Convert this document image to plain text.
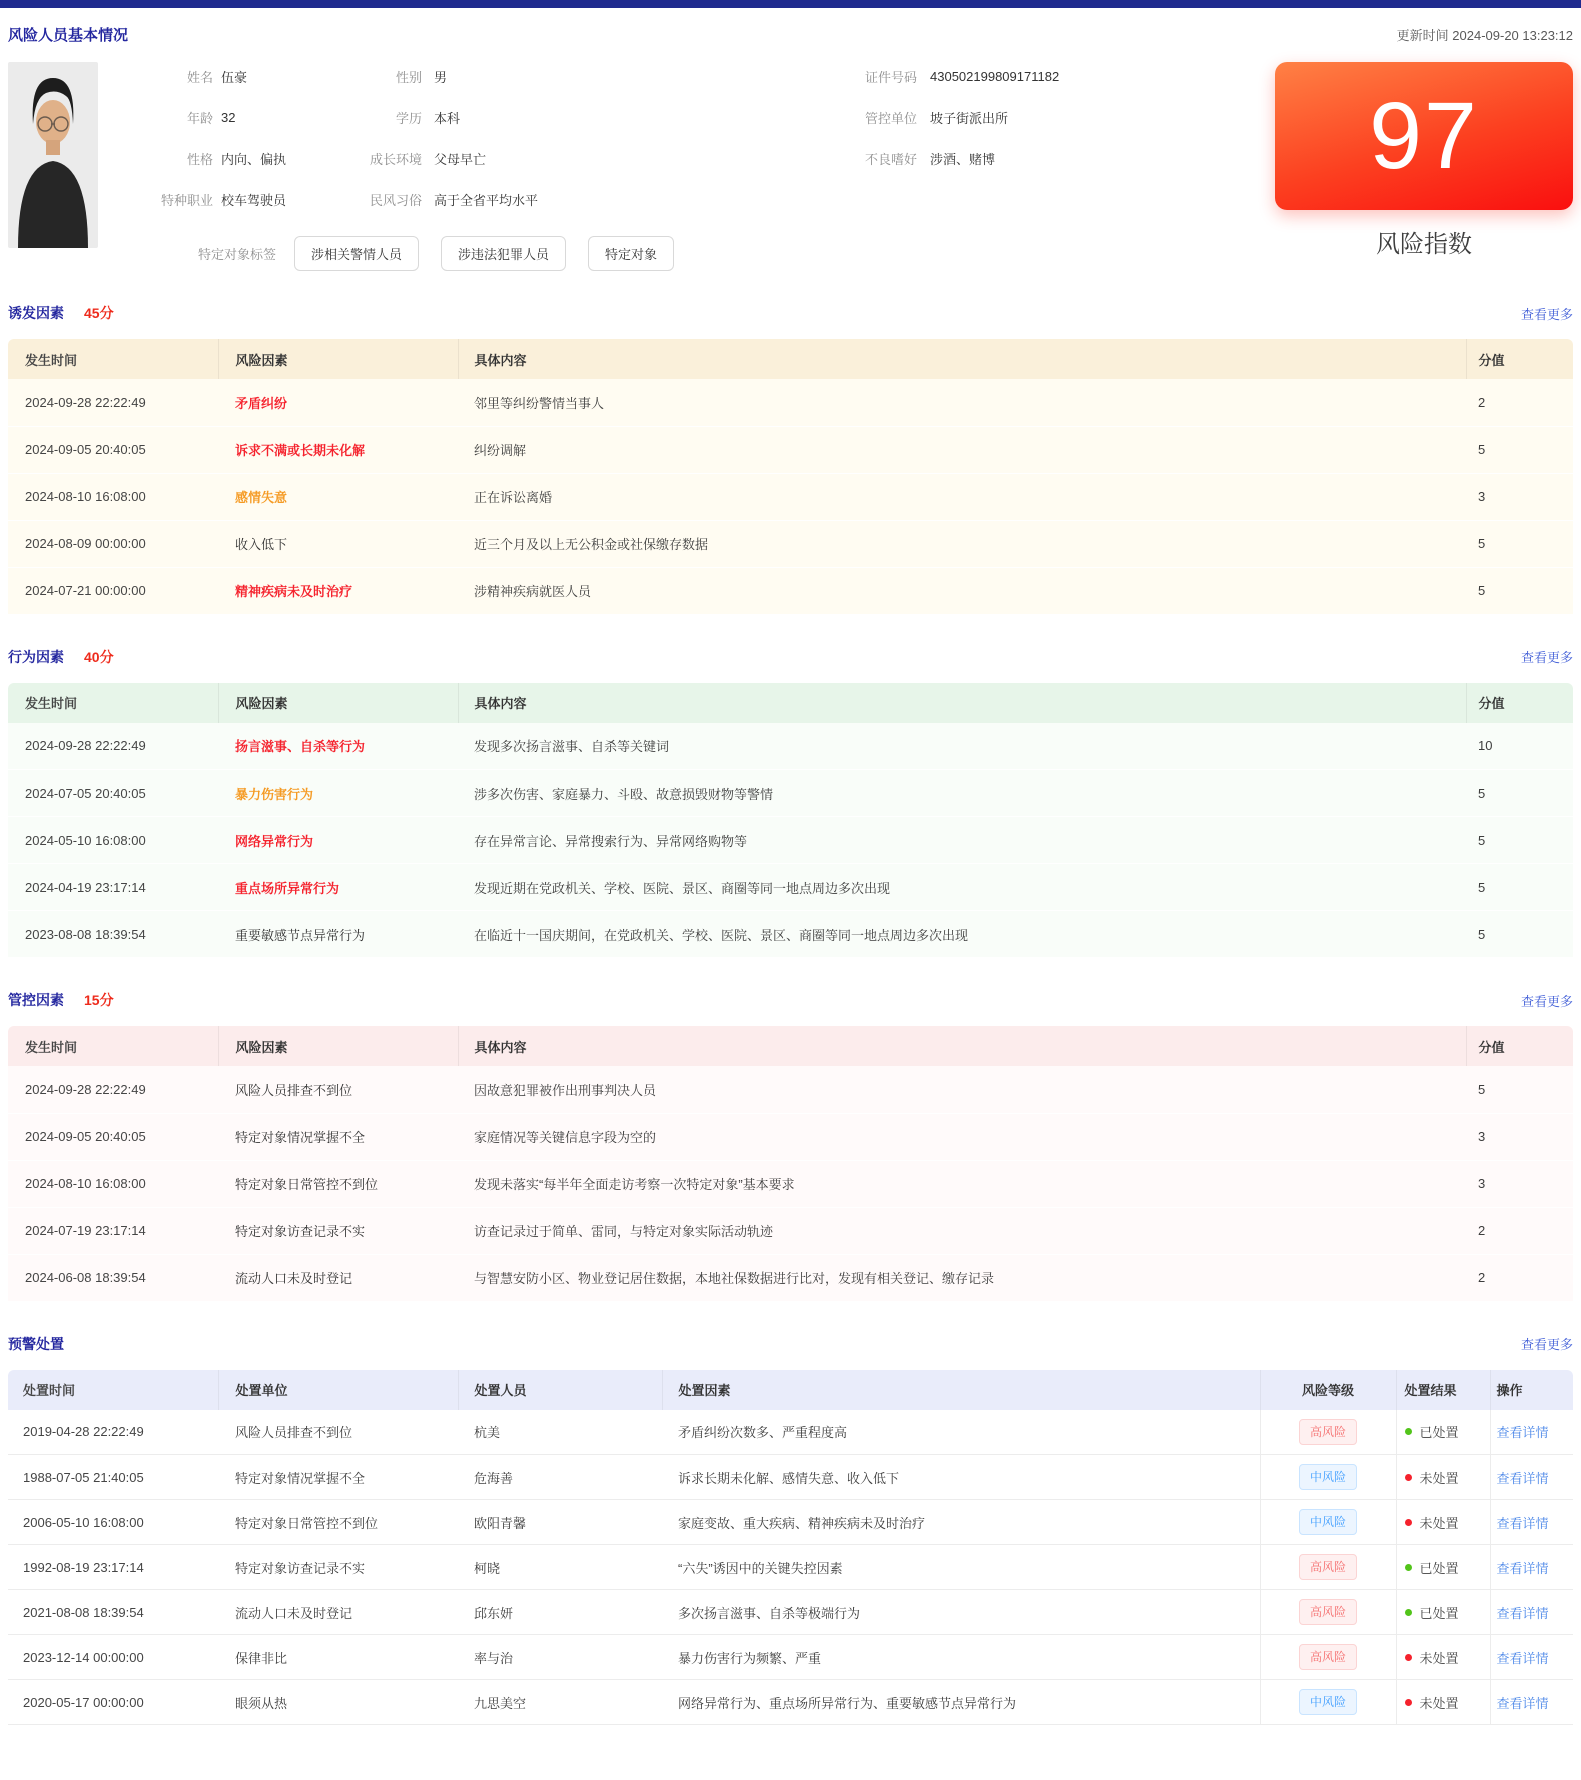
风险人员基本情况	更新时间 2024-09-20 13:23:12
姓名 伍豪	性别 男	证件号码	430502199809171182
年龄 32	学历 本科	管控单位	坡子街派出所
性格 内向、偏执	成长环境 父母早亡	不良嗜好	涉酒、赌博
特种职业 校车驾驶员	民风习俗 高于全省平均水平
特定对象标签	涉相关警情人员	涉违法犯罪人员	特定对象
97
风险指数
诱发因素 45分	查看更多
发生时间	风险因素	具体内容	分值
2024-09-28 22:22:49	矛盾纠纷	邻里等纠纷警情当事人	2
2024-09-05 20:40:05	诉求不满或长期未化解	纠纷调解	5
2024-08-10 16:08:00	感情失意	正在诉讼离婚	3
2024-08-09 00:00:00	收入低下	近三个月及以上无公积金或社保缴存数据	5
2024-07-21 00:00:00	精神疾病未及时治疗	涉精神疾病就医人员	5
行为因素 40分	查看更多
发生时间	风险因素	具体内容	分值
2024-09-28 22:22:49	扬言滋事、自杀等行为	发现多次扬言滋事、自杀等关键词	10
2024-07-05 20:40:05	暴力伤害行为	涉多次伤害、家庭暴力、斗殴、故意损毁财物等警情	5
2024-05-10 16:08:00	网络异常行为	存在异常言论、异常搜索行为、异常网络购物等	5
2024-04-19 23:17:14	重点场所异常行为	发现近期在党政机关、学校、医院、景区、商圈等同一地点周边多次出现	5
2023-08-08 18:39:54	重要敏感节点异常行为	在临近十一国庆期间，在党政机关、学校、医院、景区、商圈等同一地点周边多次出现	5
管控因素 15分	查看更多
发生时间	风险因素	具体内容	分值
2024-09-28 22:22:49	风险人员排查不到位	因故意犯罪被作出刑事判决人员	5
2024-09-05 20:40:05	特定对象情况掌握不全	家庭情况等关键信息字段为空的	3
2024-08-10 16:08:00	特定对象日常管控不到位	发现未落实“每半年全面走访考察一次特定对象”基本要求	3
2024-07-19 23:17:14	特定对象访查记录不实	访查记录过于简单、雷同，与特定对象实际活动轨迹	2
2024-06-08 18:39:54	流动人口未及时登记	与智慧安防小区、物业登记居住数据，本地社保数据进行比对，发现有相关登记、缴存记录	2
预警处置	查看更多
处置时间	处置单位	处置人员	处置因素	风险等级	处置结果	操作
2019-04-28 22:22:49	风险人员排查不到位	杭美	矛盾纠纷次数多、严重程度高	高风险	已处置	查看详情
1988-07-05 21:40:05	特定对象情况掌握不全	危海善	诉求长期未化解、感情失意、收入低下	中风险	未处置	查看详情
2006-05-10 16:08:00	特定对象日常管控不到位	欧阳青馨	家庭变故、重大疾病、精神疾病未及时治疗	中风险	未处置	查看详情
1992-08-19 23:17:14	特定对象访查记录不实	柯晓	“六失”诱因中的关键失控因素	高风险	已处置	查看详情
2021-08-08 18:39:54	流动人口未及时登记	邱东妍	多次扬言滋事、自杀等极端行为	高风险	已处置	查看详情
2023-12-14 00:00:00	保律非比	率与治	暴力伤害行为频繁、严重	高风险	未处置	查看详情
2020-05-17 00:00:00	眼须从热	九思美空	网络异常行为、重点场所异常行为、重要敏感节点异常行为	中风险	未处置	查看详情
